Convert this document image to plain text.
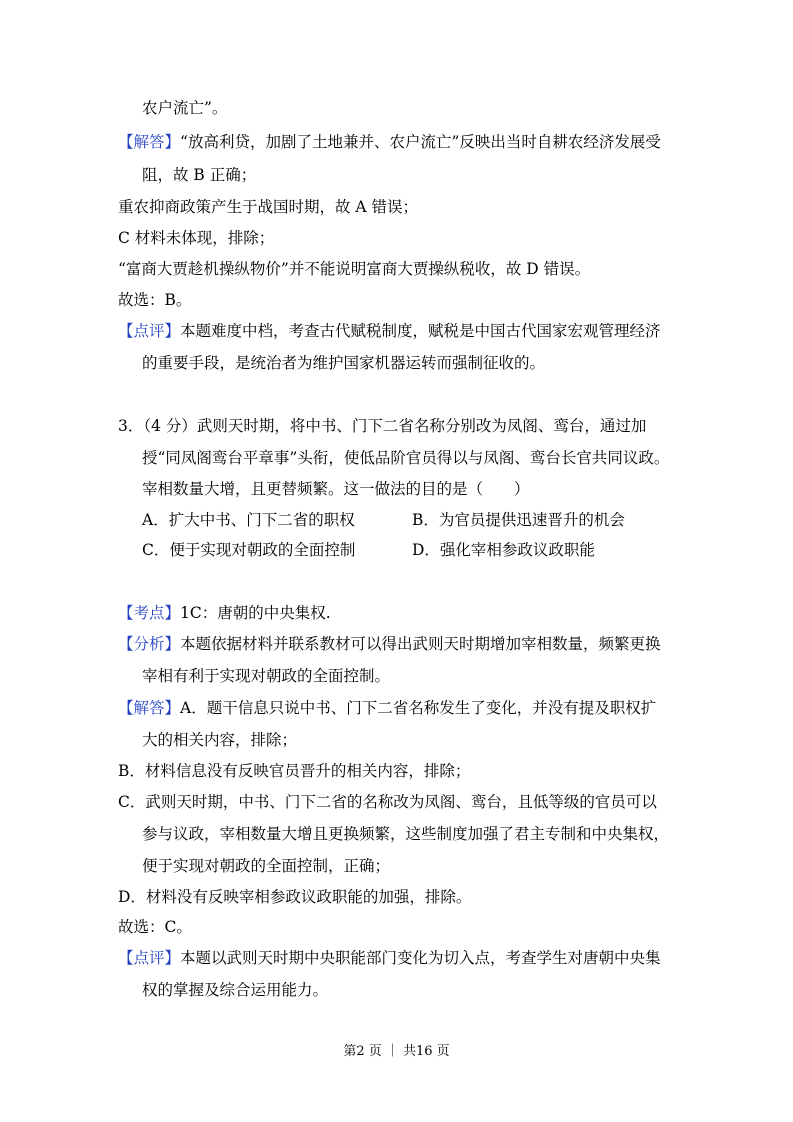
农户流亡”。
【解答】“放高利贷，加剧了土地兼并、农户流亡”反映出当时自耕农经济发展受
阻，故 B 正确；
重农抑商政策产生于战国时期，故 A 错误；
C 材料未体现，排除；
“富商大贾趁机操纵物价”并不能说明富商大贾操纵税收，故 D 错误。
故选：B。
【点评】本题难度中档，考查古代赋税制度，赋税是中国古代国家宏观管理经济
的重要手段，是统治者为维护国家机器运转而强制征收的。
3．（4 分）武则天时期，将中书、门下二省名称分别改为凤阁、鸾台，通过加
授“同凤阁鸾台平章事”头衔，使低品阶官员得以与凤阁、鸾台长官共同议政。
宰相数量大增，且更替频繁。这一做法的目的是（　　）
A．扩大中书、门下二省的职权	B．为官员提供迅速晋升的机会
C．便于实现对朝政的全面控制	D．强化宰相参政议政职能
【考点】1C：唐朝的中央集权.
【分析】本题依据材料并联系教材可以得出武则天时期增加宰相数量，频繁更换
宰相有利于实现对朝政的全面控制。
【解答】A．题干信息只说中书、门下二省名称发生了变化，并没有提及职权扩
大的相关内容，排除；
B．材料信息没有反映官员晋升的相关内容，排除；
C．武则天时期，中书、门下二省的名称改为凤阁、鸾台，且低等级的官员可以
参与议政，宰相数量大增且更换频繁，这些制度加强了君主专制和中央集权，
便于实现对朝政的全面控制，正确；
D．材料没有反映宰相参政议政职能的加强，排除。
故选：C。
【点评】本题以武则天时期中央职能部门变化为切入点，考查学生对唐朝中央集
权的掌握及综合运用能力。
第2 页 ｜ 共16 页
